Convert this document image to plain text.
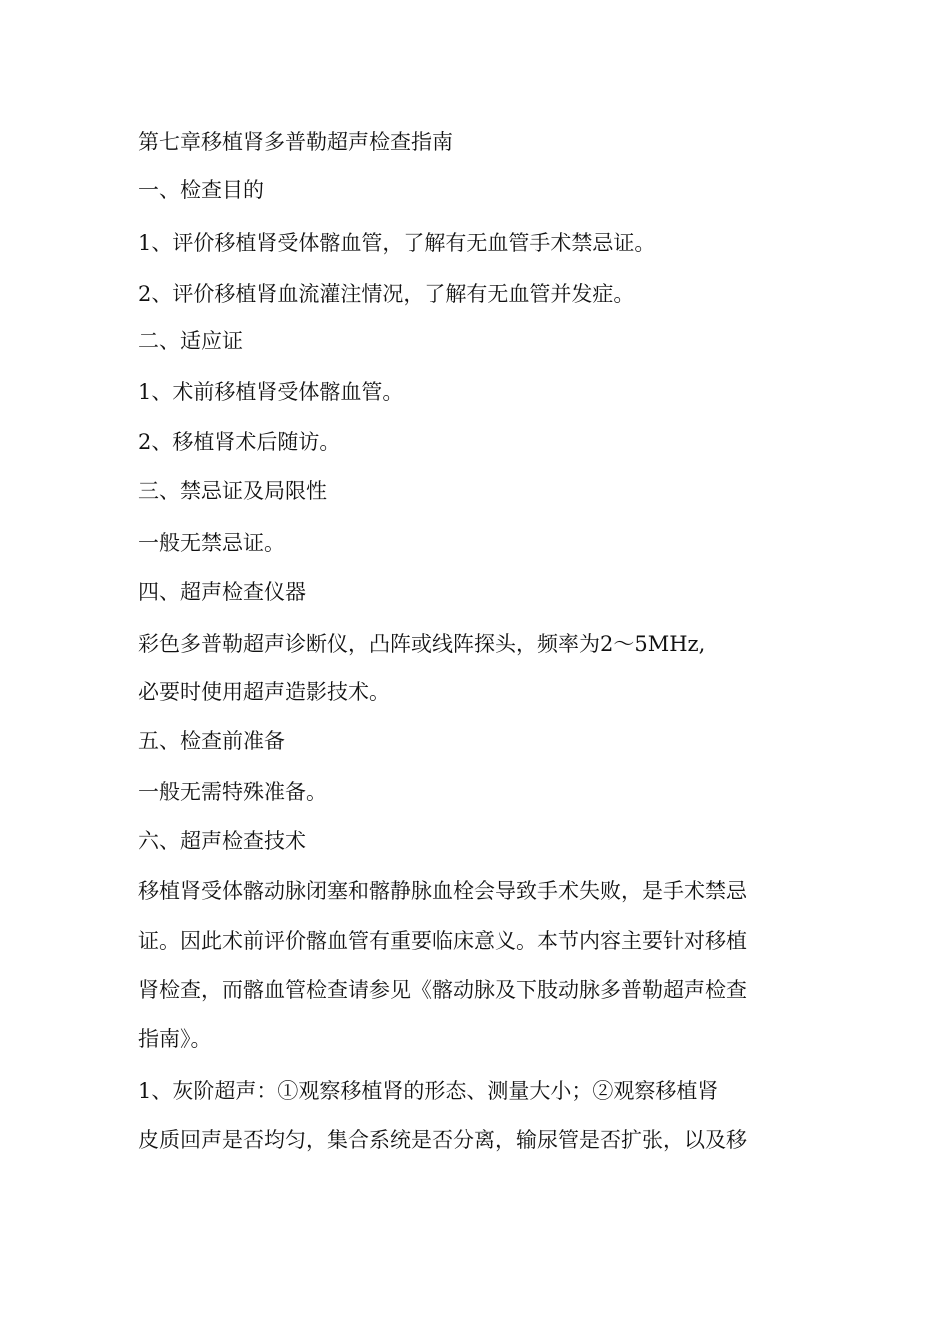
第七章移植肾多普勒超声检查指南
一、检查目的
1、评价移植肾受体髂血管，了解有无血管手术禁忌证。
2、评价移植肾血流灌注情况，了解有无血管并发症。
二、适应证
1、术前移植肾受体髂血管。
2、移植肾术后随访。
三、禁忌证及局限性
一般无禁忌证。
四、超声检查仪器
彩色多普勒超声诊断仪，凸阵或线阵探头，频率为2〜5MHz,
必要时使用超声造影技术。
五、检查前准备
一般无需特殊准备。
六、超声检查技术
移植肾受体髂动脉闭塞和髂静脉血栓会导致手术失败，是手术禁忌
证。因此术前评价髂血管有重要临床意义。本节内容主要针对移植
肾检查，而髂血管检查请参见《髂动脉及下肢动脉多普勒超声检查
指南》。
1、灰阶超声：①观察移植肾的形态、测量大小；②观察移植肾
皮质回声是否均匀，集合系统是否分离，输尿管是否扩张，以及移
